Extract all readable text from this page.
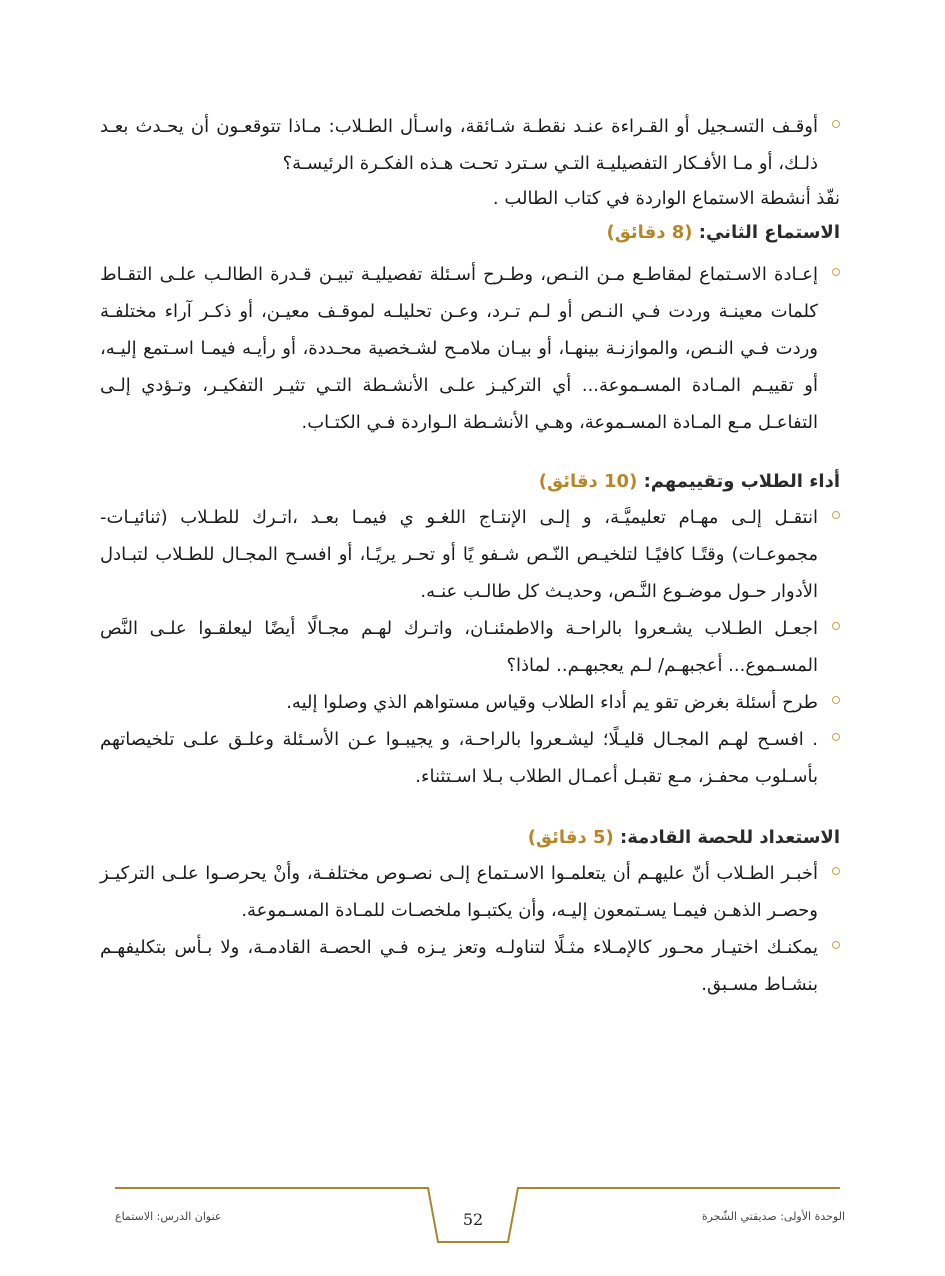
أوقـف التسـجيل أو القـراءة عنـد نقطـة شـائقة، واسـأل الطـلاب: مـاذا تتوقعـون أن يحـدث بعـد ذلـك، أو مـا الأفـكار التفصيليـة التـي سـترد تحـت هـذه الفكـرة الرئيسـة؟

نفّذ أنشطة الاستماع الواردة في كتاب الطالب .

الاستماع الثاني: (8 دقائق)

إعـادة الاسـتماع لمقاطـع مـن النـص، وطـرح أسـئلة تفصيليـة تبيـن قـدرة الطالـب علـى التقـاط كلمات معينـة وردت فـي النـص أو لـم تـرد، وعـن تحليلـه لموقـف معيـن، أو ذكـر آراء مختلفـة وردت فـي النـص، والموازنـة بينهـا، أو بيـان ملامـح لشـخصية محـددة، أو رأيـه فيمـا اسـتمع إليـه، أو تقييـم المـادة المسـموعة... أي التركيـز علـى الأنشـطة التـي تثيـر التفكيـر، وتـؤدي إلـى التفاعـل مـع المـادة المسـموعة، وهـي الأنشـطة الـواردة فـي الكتـاب.

أداء الطلاب وتقييمهم: (10 دقائق)

انتقـل إلـى مهـام تعليميَّـة، و إلـى الإنتـاج اللغـو ي فيمـا بعـد ،اتـرك للطـلاب (ثنائيـات- مجموعـات) وقتًـا كافيًـا لتلخيـص النّـص شـفو يًا أو تحـر يريًـا، أو افسـح المجـال للطـلاب لتبـادل الأدوار حـول موضـوع النَّـص، وحديـث كل طالـب عنـه.

اجعـل الطـلاب يشـعروا بالراحـة والاطمئنـان، واتـرك لهـم مجـالًا أيضًا ليعلقـوا علـى النَّص المسـموع... أعجبهـم/ لـم يعجبهـم.. لماذا؟

طرح أسئلة بغرض تقو يم أداء الطلاب وقياس مستواهم الذي وصلوا إليه.

. افسـح لهـم المجـال قليـلًا؛ ليشـعروا بالراحـة، و يجيبـوا عـن الأسـئلة وعلـق علـى تلخيصاتهم بأسـلوب محفـز، مـع تقبـل أعمـال الطلاب بـلا اسـتثناء.

الاستعداد للحصة القادمة: (5 دقائق)

أخبـر الطـلاب أنّ عليهـم أن يتعلمـوا الاسـتماع إلـى نصـوص مختلفـة، وأنْ يحرصـوا علـى التركيـز وحصـر الذهـن فيمـا يسـتمعون إليـه، وأن يكتبـوا ملخصـات للمـادة المسـموعة.

يمكنـك اختيـار محـور كالإمـلاء مثـلًا لتناولـه وتعز يـزه فـي الحصـة القادمـة، ولا بـأس بتكليفهـم بنشـاط مسـبق.

الوحدة الأولى: صديقتي الشّجرة
52
عنوان الدرس: الاستماع
